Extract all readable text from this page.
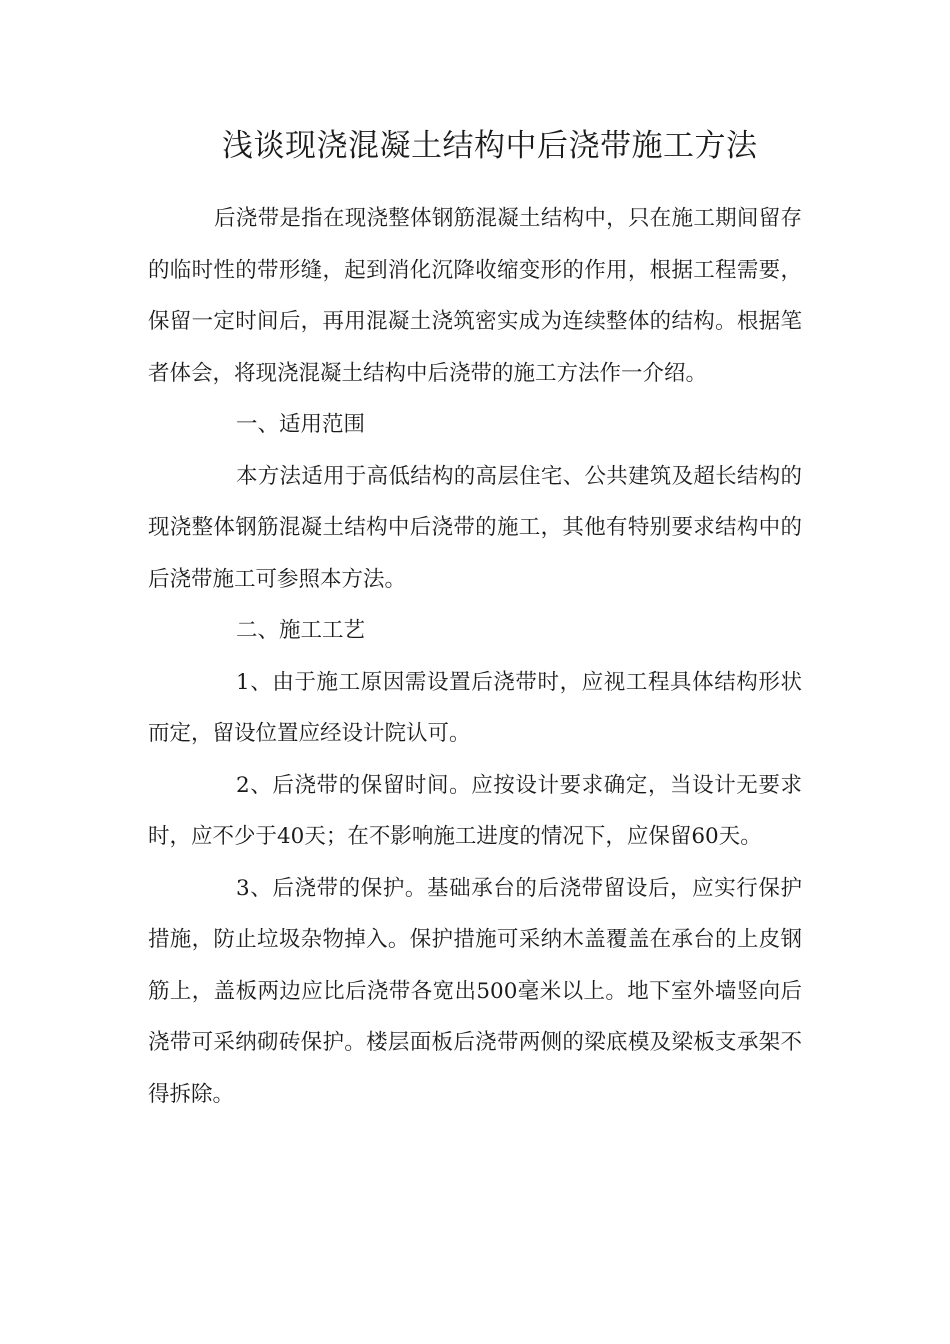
浅谈现浇混凝土结构中后浇带施工方法

后浇带是指在现浇整体钢筋混凝土结构中，只在施工期间留存的临时性的带形缝，起到消化沉降收缩变形的作用，根据工程需要，保留一定时间后，再用混凝土浇筑密实成为连续整体的结构。根据笔者体会，将现浇混凝土结构中后浇带的施工方法作一介绍。

一、适用范围

本方法适用于高低结构的高层住宅、公共建筑及超长结构的现浇整体钢筋混凝土结构中后浇带的施工，其他有特别要求结构中的后浇带施工可参照本方法。

二、施工工艺

1、由于施工原因需设置后浇带时，应视工程具体结构形状而定，留设位置应经设计院认可。

2、后浇带的保留时间。应按设计要求确定，当设计无要求时，应不少于40天；在不影响施工进度的情况下，应保留60天。

3、后浇带的保护。基础承台的后浇带留设后，应实行保护措施，防止垃圾杂物掉入。保护措施可采纳木盖覆盖在承台的上皮钢筋上，盖板两边应比后浇带各宽出500毫米以上。地下室外墙竖向后浇带可采纳砌砖保护。楼层面板后浇带两侧的梁底模及梁板支承架不得拆除。
